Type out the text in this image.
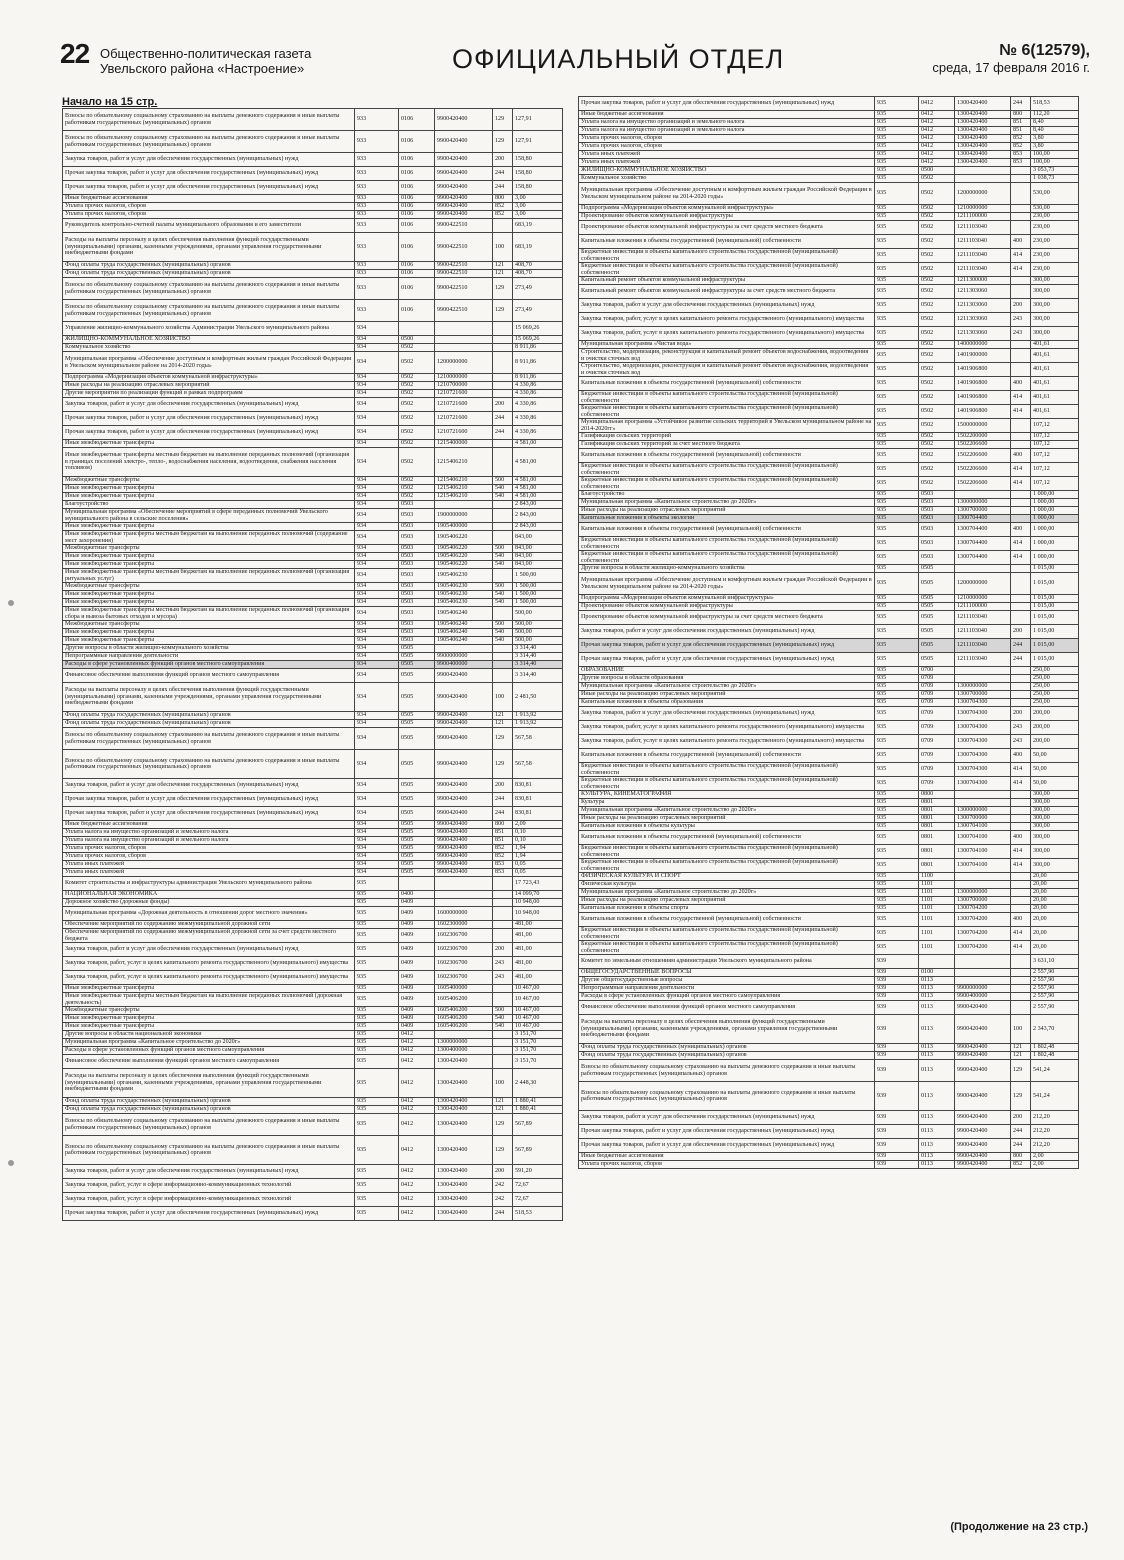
22 Общественно-политическая газета
Увельского района «Настроение»	ОФИЦИАЛЬНЫЙ ОТДЕЛ	№ 6(12579),
среда, 17 февраля 2016 г.
Начало на 15 стр.
Взносы по обязательному социальному страхованию на выплаты денежного содержания и иные выплаты работникам государственных (муниципальных) органов	933	0106	9900420400	129	127,91
Взносы по обязательному социальному страхованию на выплаты денежного содержания и иные выплаты работникам государственных (муниципальных) органов	933	0106	9900420400	129	127,91
Закупка товаров, работ и услуг для обеспечения государственных (муниципальных) нужд	933	0106	9900420400	200	158,80
Прочая закупка товаров, работ и услуг для обеспечения государственных (муниципальных) нужд	933	0106	9900420400	244	158,80
Прочая закупка товаров, работ и услуг для обеспечения государственных (муниципальных) нужд	933	0106	9900420400	244	158,80
Иные бюджетные ассигнования	933	0106	9900420400	800	3,00
Уплата прочих налогов, сборов	933	0106	9900420400	852	3,00
Уплата прочих налогов, сборов	933	0106	9900420400	852	3,00
Руководитель контрольно-счетной палаты муниципального образования и его заместители	933	0106	9900422510		683,19
Расходы на выплаты персоналу в целях обеспечения выполнения функций государственными (муниципальными) органами, казенными учреждениями, органами управления государственными внебюджетными фондами	933	0106	9900422510	100	683,19
Фонд оплаты труда государственных (муниципальных) органов	933	0106	9900422510	121	408,70
Фонд оплаты труда государственных (муниципальных) органов	933	0106	9900422510	121	408,70
Взносы по обязательному социальному страхованию на выплаты денежного содержания и иные выплаты работникам государственных (муниципальных) органов	933	0106	9900422510	129	273,49
Взносы по обязательному социальному страхованию на выплаты денежного содержания и иные выплаты работникам государственных (муниципальных) органов	933	0106	9900422510	129	273,49
Управление жилищно-коммунального хозяйства Администрации Увельского муниципального района	934				15 069,26
ЖИЛИЩНО-КОММУНАЛЬНОЕ ХОЗЯЙСТВО	934	0500			15 069,26
Коммунальное хозяйство	934	0502			8 911,86
Муниципальная программа «Обеспечение доступным и комфортным жильем граждан Российской Федерации в Увельском муниципальном районе на 2014-2020 годы»	934	0502	1200000000		8 911,86
Подпрограмма «Модернизация объектов коммунальной инфраструктуры»	934	0502	1210000000		8 911,86
Иные расходы на реализацию отраслевых мероприятий	934	0502	1210700000		4 330,86
Другие мероприятия по реализации функций в рамках подпрограмм	934	0502	1210721600		4 330,86
Закупка товаров, работ и услуг для обеспечения государственных (муниципальных) нужд	934	0502	1210721600	200	4 330,86
Прочая закупка товаров, работ и услуг для обеспечения государственных (муниципальных) нужд	934	0502	1210721600	244	4 330,86
Прочая закупка товаров, работ и услуг для обеспечения государственных (муниципальных) нужд	934	0502	1210721600	244	4 330,86
Иные межбюджетные трансферты	934	0502	1215400000		4 581,00
Иные межбюджетные трансферты местным бюджетам на выполнение переданных полномочий (организация в границах поселений электро-, тепло-, водоснабжения населения, водоотведения, снабжения населения топливом)	934	0502	1215406210		4 581,00
Межбюджетные трансферты	934	0502	1215406210	500	4 581,00
Иные межбюджетные трансферты	934	0502	1215406210	540	4 581,00
Иные межбюджетные трансферты	934	0502	1215406210	540	4 581,00
Благоустройство	934	0503			2 843,00
Муниципальная программа «Обеспечение мероприятий в сфере переданных полномочий Увельского муниципального района в сельские поселения»	934	0503	1900000000		2 843,00
Иные межбюджетные трансферты	934	0503	1905400000		2 843,00
Иные межбюджетные трансферты местным бюджетам на выполнение переданных полномочий (содержание мест захоронения)	934	0503	1905406220		843,00
Межбюджетные трансферты	934	0503	1905406220	500	843,00
Иные межбюджетные трансферты	934	0503	1905406220	540	843,00
Иные межбюджетные трансферты	934	0503	1905406220	540	843,00
Иные межбюджетные трансферты местным бюджетам на выполнение переданных полномочий (организация ритуальных услуг)	934	0503	1905406230		1 500,00
Межбюджетные трансферты	934	0503	1905406230	500	1 500,00
Иные межбюджетные трансферты	934	0503	1905406230	540	1 500,00
Иные межбюджетные трансферты	934	0503	1905406230	540	1 500,00
Иные межбюджетные трансферты местным бюджетам на выполнение переданных полномочий (организация сбора и вывоза бытовых отходов и мусора)	934	0503	1905406240		500,00
Межбюджетные трансферты	934	0503	1905406240	500	500,00
Иные межбюджетные трансферты	934	0503	1905406240	540	500,00
Иные межбюджетные трансферты	934	0503	1905406240	540	500,00
Другие вопросы в области жилищно-коммунального хозяйства	934	0505			3 314,40
Непрограммные направления деятельности	934	0505	9900000000		3 314,40
Расходы в сфере установленных функций органов местного самоуправления	934	0505	9900400000		3 314,40
Финансовое обеспечение выполнения функций органов местного самоуправления	934	0505	9900420400		3 314,40
Расходы на выплаты персоналу в целях обеспечения выполнения функций государственными (муниципальными) органами, казенными учреждениями, органами управления государственными внебюджетными фондами	934	0505	9900420400	100	2 481,50
Фонд оплаты труда государственных (муниципальных) органов	934	0505	9900420400	121	1 913,92
Фонд оплаты труда государственных (муниципальных) органов	934	0505	9900420400	121	1 913,92
Взносы по обязательному социальному страхованию на выплаты денежного содержания и иные выплаты работникам государственных (муниципальных) органов	934	0505	9900420400	129	567,58
Взносы по обязательному социальному страхованию на выплаты денежного содержания и иные выплаты работникам государственных (муниципальных) органов	934	0505	9900420400	129	567,58
Закупка товаров, работ и услуг для обеспечения государственных (муниципальных) нужд	934	0505	9900420400	200	830,81
Прочая закупка товаров, работ и услуг для обеспечения государственных (муниципальных) нужд	934	0505	9900420400	244	830,81
Прочая закупка товаров, работ и услуг для обеспечения государственных (муниципальных) нужд	934	0505	9900420400	244	830,81
Иные бюджетные ассигнования	934	0505	9900420400	800	2,09
Уплата налога на имущество организаций и земельного налога	934	0505	9900420400	851	0,10
Уплата налога на имущество организаций и земельного налога	934	0505	9900420400	851	0,10
Уплата прочих налогов, сборов	934	0505	9900420400	852	1,94
Уплата прочих налогов, сборов	934	0505	9900420400	852	1,94
Уплата иных платежей	934	0505	9900420400	853	0,05
Уплата иных платежей	934	0505	9900420400	853	0,05
Комитет строительства и инфраструктуры администрации Увельского муниципального района	935				17 723,43
НАЦИОНАЛЬНАЯ ЭКОНОМИКА	935	0400			14 099,70
Дорожное хозяйство (дорожные фонды)	935	0409			10 948,00
Муниципальная программа «Дорожная деятельность в отношении дорог местного значения»	935	0409	1600000000		10 948,00
Обеспечение мероприятий по содержанию межмуниципальной дорожной сети	935	0409	1602300000		481,00
Обеспечение мероприятий по содержанию межмуниципальной дорожной сети за счет средств местного бюджета	935	0409	1602306700		481,00
Закупка товаров, работ и услуг для обеспечения государственных (муниципальных) нужд	935	0409	1602306700	200	481,00
Закупка товаров, работ, услуг в целях капитального ремонта государственного (муниципального) имущества	935	0409	1602306700	243	481,00
Закупка товаров, работ, услуг в целях капитального ремонта государственного (муниципального) имущества	935	0409	1602306700	243	481,00
Иные межбюджетные трансферты	935	0409	1605400000		10 467,00
Иные межбюджетные трансферты местным бюджетам на выполнение переданных полномочий (дорожная деятельность)	935	0409	1605406200		10 467,00
Межбюджетные трансферты	935	0409	1605406200	500	10 467,00
Иные межбюджетные трансферты	935	0409	1605406200	540	10 467,00
Иные межбюджетные трансферты	935	0409	1605406200	540	10 467,00
Другие вопросы в области национальной экономики	935	0412			3 151,70
Муниципальная программа «Капитальное строительство до 2020г»	935	0412	1300000000		3 151,70
Расходы в сфере установленных функций органов местного самоуправления	935	0412	1300400000		3 151,70
Финансовое обеспечение выполнения функций органов местного самоуправления	935	0412	1300420400		3 151,70
Расходы на выплаты персоналу в целях обеспечения выполнения функций государственными (муниципальными) органами, казенными учреждениями, органами управления государственными внебюджетными фондами	935	0412	1300420400	100	2 448,30
Фонд оплаты труда государственных (муниципальных) органов	935	0412	1300420400	121	1 880,41
Фонд оплаты труда государственных (муниципальных) органов	935	0412	1300420400	121	1 880,41
Взносы по обязательному социальному страхованию на выплаты денежного содержания и иные выплаты работникам государственных (муниципальных) органов	935	0412	1300420400	129	567,89
Взносы по обязательному социальному страхованию на выплаты денежного содержания и иные выплаты работникам государственных (муниципальных) органов	935	0412	1300420400	129	567,89
Закупка товаров, работ и услуг для обеспечения государственных (муниципальных) нужд	935	0412	1300420400	200	591,20
Закупка товаров, работ, услуг в сфере информационно-коммуникационных технологий	935	0412	1300420400	242	72,67
Закупка товаров, работ, услуг в сфере информационно-коммуникационных технологий	935	0412	1300420400	242	72,67
Прочая закупка товаров, работ и услуг для обеспечения государственных (муниципальных) нужд	935	0412	1300420400	244	518,53
Прочая закупка товаров, работ и услуг для обеспечения государственных (муниципальных) нужд	935	0412	1300420400	244	518,53
Иные бюджетные ассигнования	935	0412	1300420400	800	112,20
Уплата налога на имущество организаций и земельного налога	935	0412	1300420400	851	8,40
Уплата налога на имущество организаций и земельного налога	935	0412	1300420400	851	8,40
Уплата прочих налогов, сборов	935	0412	1300420400	852	3,80
Уплата прочих налогов, сборов	935	0412	1300420400	852	3,80
Уплата иных платежей	935	0412	1300420400	853	100,00
Уплата иных платежей	935	0412	1300420400	853	100,00
ЖИЛИЩНО-КОММУНАЛЬНОЕ ХОЗЯЙСТВО	935	0500			3 053,73
Коммунальное хозяйство	935	0502			1 038,73
Муниципальная программа «Обеспечение доступным и комфортным жильем граждан Российской Федерации в Увельском муниципальном районе на 2014-2020 годы»	935	0502	1200000000		530,00
Подпрограмма «Модернизация объектов коммунальной инфраструктуры»	935	0502	1210000000		530,00
Проектирование объектов коммунальной инфраструктуры	935	0502	1211100000		230,00
Проектирование объектов коммунальной инфраструктуры за счет средств местного бюджета	935	0502	1211103040		230,00
Капитальные вложения в объекты государственной (муниципальной) собственности	935	0502	1211103040	400	230,00
Бюджетные инвестиции в объекты капитального строительства государственной (муниципальной) собственности	935	0502	1211103040	414	230,00
Бюджетные инвестиции в объекты капитального строительства государственной (муниципальной) собственности	935	0502	1211103040	414	230,00
Капитальный ремонт объектов коммунальной инфраструктуры	935	0502	1211300000		300,00
Капитальный ремонт объектов коммунальной инфраструктуры за счет средств местного бюджета	935	0502	1211303060		300,00
Закупка товаров, работ и услуг для обеспечения государственных (муниципальных) нужд	935	0502	1211303060	200	300,00
Закупка товаров, работ, услуг в целях капитального ремонта государственного (муниципального) имущества	935	0502	1211303060	243	300,00
Закупка товаров, работ, услуг в целях капитального ремонта государственного (муниципального) имущества	935	0502	1211303060	243	300,00
Муниципальная программа «Чистая вода»	935	0502	1400000000		401,61
Строительство, модернизация, реконструкция и капитальный ремонт объектов водоснабжения, водоотведения и очистки сточных вод	935	0502	1401900000		401,61
Строительство, модернизация, реконструкция и капитальный ремонт объектов водоснабжения, водоотведения и очистки сточных вод	935	0502	1401906800		401,61
Капитальные вложения в объекты государственной (муниципальной) собственности	935	0502	1401906800	400	401,61
Бюджетные инвестиции в объекты капитального строительства государственной (муниципальной) собственности	935	0502	1401906800	414	401,61
Бюджетные инвестиции в объекты капитального строительства государственной (муниципальной) собственности	935	0502	1401906800	414	401,61
Муниципальная программа «Устойчивое развитие сельских территорий в Увельском муниципальном районе на 2014-2020гг»	935	0502	1500000000		107,12
Газификация сельских территорий	935	0502	1502200000		107,12
Газификация сельских территорий за счет местного бюджета	935	0502	1502206600		107,12
Капитальные вложения в объекты государственной (муниципальной) собственности	935	0502	1502206600	400	107,12
Бюджетные инвестиции в объекты капитального строительства государственной (муниципальной) собственности	935	0502	1502206600	414	107,12
Бюджетные инвестиции в объекты капитального строительства государственной (муниципальной) собственности	935	0502	1502206600	414	107,12
Благоустройство	935	0503			1 000,00
Муниципальная программа «Капитальное строительство до 2020г»	935	0503	1300000000		1 000,00
Иные расходы на реализацию отраслевых мероприятий	935	0503	1300700000		1 000,00
Капитальные вложения в объекты экологии	935	0503	1300704400		1 000,00
Капитальные вложения в объекты государственной (муниципальной) собственности	935	0503	1300704400	400	1 000,00
Бюджетные инвестиции в объекты капитального строительства государственной (муниципальной) собственности	935	0503	1300704400	414	1 000,00
Бюджетные инвестиции в объекты капитального строительства государственной (муниципальной) собственности	935	0503	1300704400	414	1 000,00
Другие вопросы в области жилищно-коммунального хозяйства	935	0505			1 015,00
Муниципальная программа «Обеспечение доступным и комфортным жильем граждан Российской Федерации в Увельском муниципальном районе на 2014-2020 годы»	935	0505	1200000000		1 015,00
Подпрограмма «Модернизация объектов коммунальной инфраструктуры»	935	0505	1210000000		1 015,00
Проектирование объектов коммунальной инфраструктуры	935	0505	1211100000		1 015,00
Проектирование объектов коммунальной инфраструктуры за счет средств местного бюджета	935	0505	1211103040		1 015,00
Закупка товаров, работ и услуг для обеспечения государственных (муниципальных) нужд	935	0505	1211103040	200	1 015,00
Прочая закупка товаров, работ и услуг для обеспечения государственных (муниципальных) нужд	935	0505	1211103040	244	1 015,00
Прочая закупка товаров, работ и услуг для обеспечения государственных (муниципальных) нужд	935	0505	1211103040	244	1 015,00
ОБРАЗОВАНИЕ	935	0700			250,00
Другие вопросы в области образования	935	0709			250,00
Муниципальная программа «Капитальное строительство до 2020г»	935	0709	1300000000		250,00
Иные расходы на реализацию отраслевых мероприятий	935	0709	1300700000		250,00
Капитальные вложения в объекты образования	935	0709	1300704300		250,00
Закупка товаров, работ и услуг для обеспечения государственных (муниципальных) нужд	935	0709	1300704300	200	200,00
Закупка товаров, работ, услуг в целях капитального ремонта государственного (муниципального) имущества	935	0709	1300704300	243	200,00
Закупка товаров, работ, услуг в целях капитального ремонта государственного (муниципального) имущества	935	0709	1300704300	243	200,00
Капитальные вложения в объекты государственной (муниципальной) собственности	935	0709	1300704300	400	50,00
Бюджетные инвестиции в объекты капитального строительства государственной (муниципальной) собственности	935	0709	1300704300	414	50,00
Бюджетные инвестиции в объекты капитального строительства государственной (муниципальной) собственности	935	0709	1300704300	414	50,00
КУЛЬТУРА, КИНЕМАТОГРАФИЯ	935	0800			300,00
Культура	935	0801			300,00
Муниципальная программа «Капитальное строительство до 2020г»	935	0801	1300000000		300,00
Иные расходы на реализацию отраслевых мероприятий	935	0801	1300700000		300,00
Капитальные вложения в объекты культуры	935	0801	1300704100		300,00
Капитальные вложения в объекты государственной (муниципальной) собственности	935	0801	1300704100	400	300,00
Бюджетные инвестиции в объекты капитального строительства государственной (муниципальной) собственности	935	0801	1300704100	414	300,00
Бюджетные инвестиции в объекты капитального строительства государственной (муниципальной) собственности	935	0801	1300704100	414	300,00
ФИЗИЧЕСКАЯ КУЛЬТУРА И СПОРТ	935	1100			20,00
Физическая культура	935	1101			20,00
Муниципальная программа «Капитальное строительство до 2020г»	935	1101	1300000000		20,00
Иные расходы на реализацию отраслевых мероприятий	935	1101	1300700000		20,00
Капитальные вложения в объекты спорта	935	1101	1300704200		20,00
Капитальные вложения в объекты государственной (муниципальной) собственности	935	1101	1300704200	400	20,00
Бюджетные инвестиции в объекты капитального строительства государственной (муниципальной) собственности	935	1101	1300704200	414	20,00
Бюджетные инвестиции в объекты капитального строительства государственной (муниципальной) собственности	935	1101	1300704200	414	20,00
Комитет по земельным отношениям администрации Увельского муниципального района	939				3 631,10
ОБЩЕГОСУДАРСТВЕННЫЕ ВОПРОСЫ	939	0100			2 557,90
Другие общегосударственные вопросы	939	0113			2 557,90
Непрограммные направления деятельности	939	0113	9900000000		2 557,90
Расходы в сфере установленных функций органов местного самоуправления	939	0113	9900400000		2 557,90
Финансовое обеспечение выполнения функций органов местного самоуправления	939	0113	9900420400		2 557,90
Расходы на выплаты персоналу в целях обеспечения выполнения функций государственными (муниципальными) органами, казенными учреждениями, органами управления государственными внебюджетными фондами	939	0113	9900420400	100	2 343,70
Фонд оплаты труда государственных (муниципальных) органов	939	0113	9900420400	121	1 802,48
Фонд оплаты труда государственных (муниципальных) органов	939	0113	9900420400	121	1 802,48
Взносы по обязательному социальному страхованию на выплаты денежного содержания и иные выплаты работникам государственных (муниципальных) органов	939	0113	9900420400	129	541,24
Взносы по обязательному социальному страхованию на выплаты денежного содержания и иные выплаты работникам государственных (муниципальных) органов	939	0113	9900420400	129	541,24
Закупка товаров, работ и услуг для обеспечения государственных (муниципальных) нужд	939	0113	9900420400	200	212,20
Прочая закупка товаров, работ и услуг для обеспечения государственных (муниципальных) нужд	939	0113	9900420400	244	212,20
Прочая закупка товаров, работ и услуг для обеспечения государственных (муниципальных) нужд	939	0113	9900420400	244	212,20
Иные бюджетные ассигнования	939	0113	9900420400	800	2,00
Уплата прочих налогов, сборов	939	0113	9900420400	852	2,00
(Продолжение на 23 стр.)
